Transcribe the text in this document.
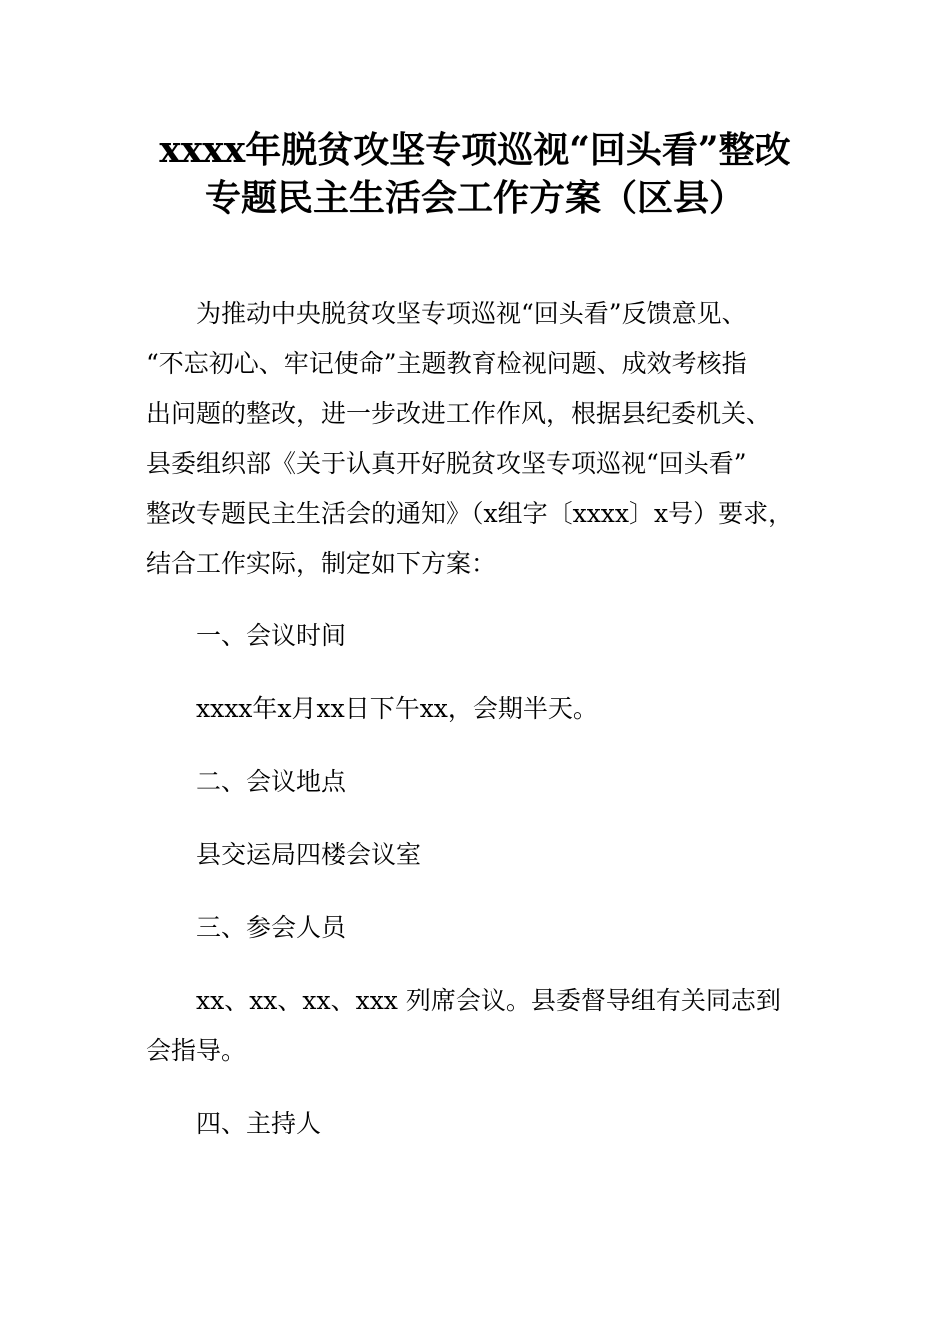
xxxx年脱贫攻坚专项巡视“回头看”整改
专题民主生活会工作方案（区县）
为推动中央脱贫攻坚专项巡视“回头看”反馈意见、
“不忘初心、牢记使命”主题教育检视问题、成效考核指
出问题的整改，进一步改进工作作风，根据县纪委机关、
县委组织部《关于认真开好脱贫攻坚专项巡视“回头看”
整改专题民主生活会的通知》（x组字〔xxxx〕x号）要求，
结合工作实际，制定如下方案：
一、会议时间
xxxx年x月xx日下午xx，会期半天。
二、会议地点
县交运局四楼会议室
三、参会人员
xx、xx、xx、xxx 列席会议。县委督导组有关同志到
会指导。
四、主持人
